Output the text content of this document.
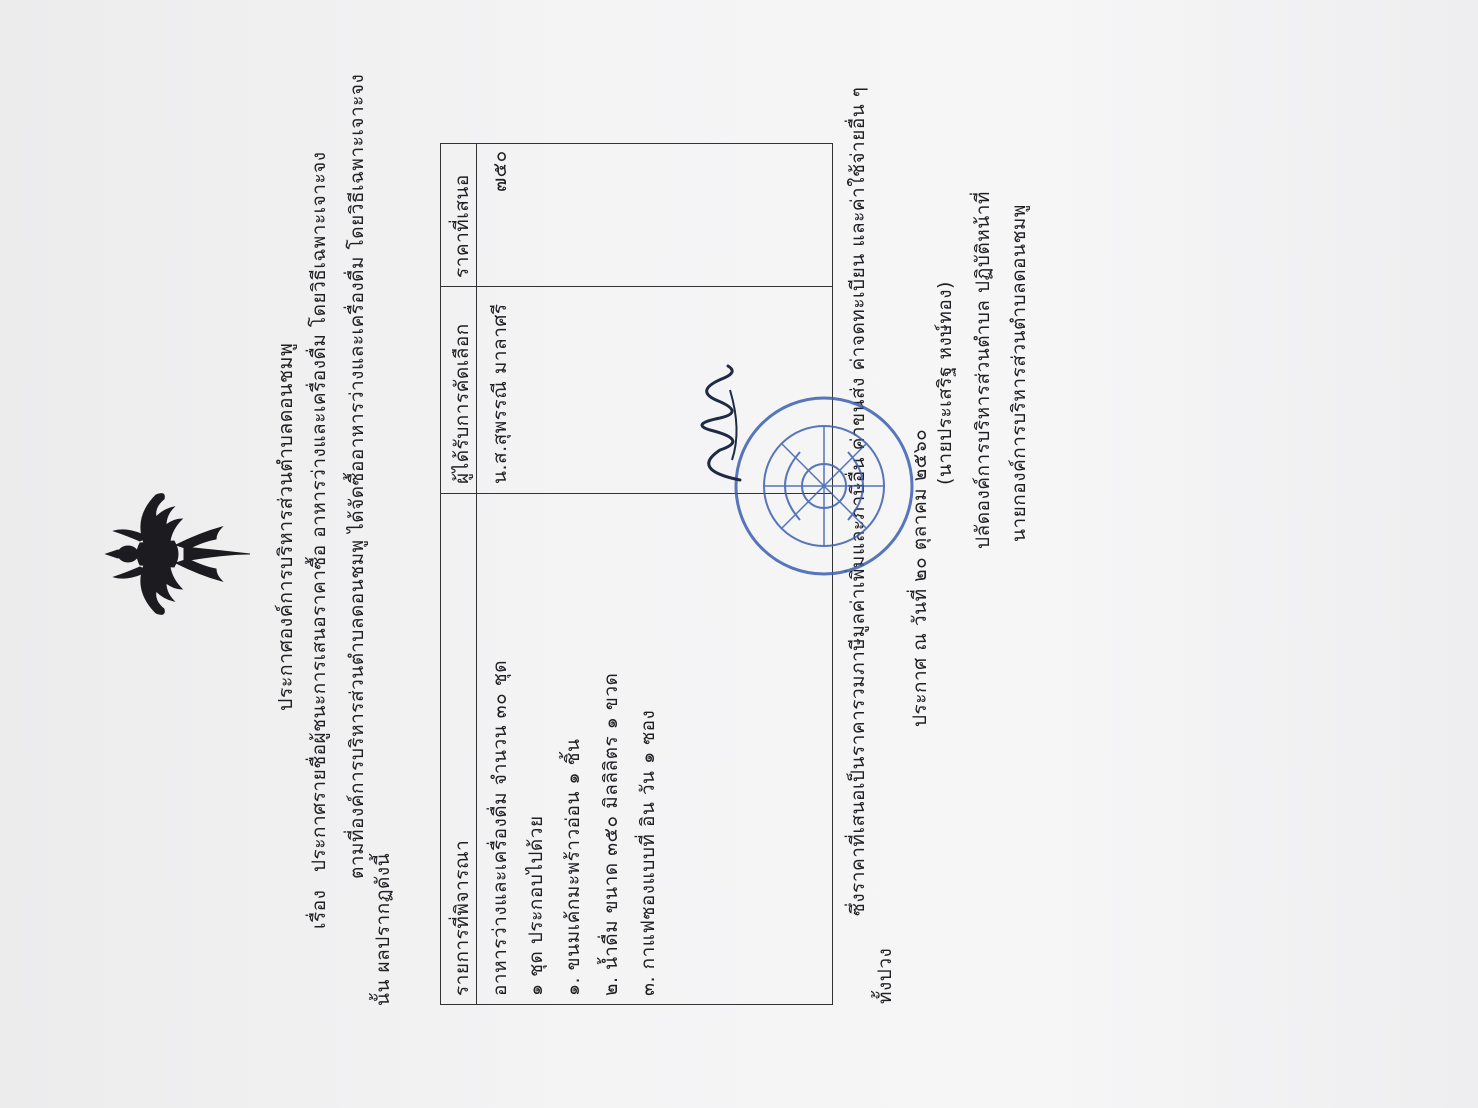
ประกาศองค์การบริหารส่วนตำบลดอนชมพู
เรื่อง
ประกาศรายชื่อผู้ชนะการเสนอราคาซื้อ อาหารว่างและเครื่องดื่ม โดยวิธีเฉพาะเจาะจง ตามที่องค์การบริหารส่วนตำบลดอนชมพู ได้จัดซื้ออาหารว่างและเครื่องดื่ม โดยวิธีเฉพาะเจาะจง
นั้น ผลปรากฏดังนี้	รายการที่พิจารณา
ผู้ได้รับการคัดเลือก
ราคาที่เสนอ
อาหารว่างและเครื่องดื่ม จำนวน ๓๐ ชุด ๑ ชุด ประกอบไปด้วย ๑. ขนมเค้กมะพร้าวอ่อน ๑ ชิ้น ๒. น้ำดื่ม ขนาด ๓๕๐ มิลลิลิตร ๑ ขวด ๓. กาแฟซองแบบที่ อิน วัน ๑ ซอง
น.ส.สุพรรณี มาลาศรี
๗๕๐	ซึ่งราคาที่เสนอเป็นราคารวมภาษีมูลค่าเพิ่มและภาษีอื่น ค่าขนส่ง ค่าจดทะเบียน และค่าใช้จ่ายอื่น ๆ
ทั้งปวง
ประกาศ ณ วันที่ ๒๐ ตุลาคม ๒๕๖๐
(นายประเสริฐ หงษ์ทอง) ปลัดองค์การบริหารส่วนตำบล ปฏิบัติหน้าที่ นายกองค์การบริหารส่วนตำบลดอนชมพู
